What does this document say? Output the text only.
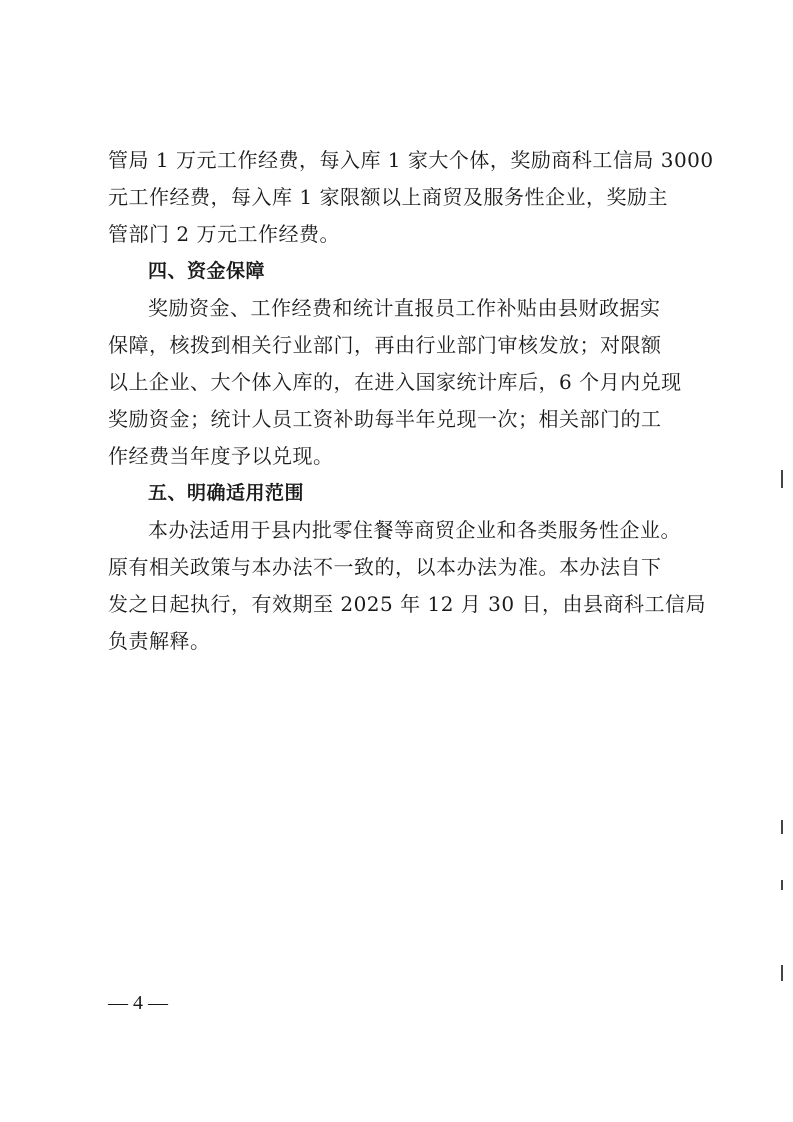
管局 1 万元工作经费，每入库 1 家大个体，奖励商科工信局 3000
元工作经费，每入库 1 家限额以上商贸及服务性企业，奖励主
管部门 2 万元工作经费。
四、资金保障
奖励资金、工作经费和统计直报员工作补贴由县财政据实
保障，核拨到相关行业部门，再由行业部门审核发放；对限额
以上企业、大个体入库的，在进入国家统计库后，6 个月内兑现
奖励资金；统计人员工资补助每半年兑现一次；相关部门的工
作经费当年度予以兑现。
五、明确适用范围
本办法适用于县内批零住餐等商贸企业和各类服务性企业。
原有相关政策与本办法不一致的，以本办法为准。本办法自下
发之日起执行，有效期至 2025 年 12 月 30 日，由县商科工信局
负责解释。
— 4 —
